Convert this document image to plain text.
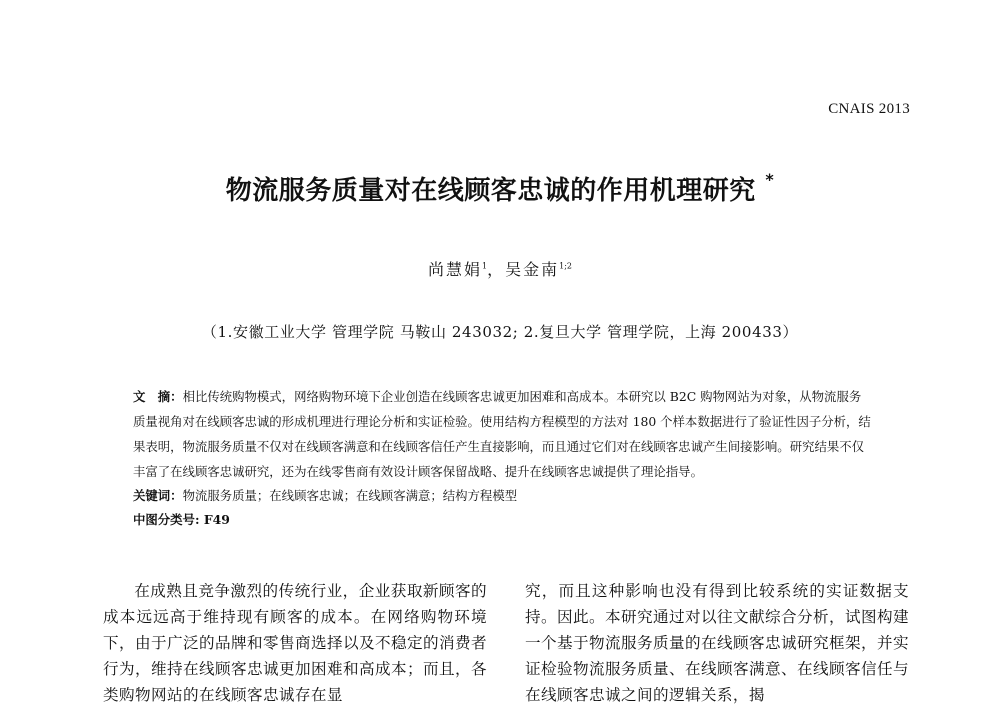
CNAIS 2013
物流服务质量对在线顾客忠诚的作用机理研究 *
尚慧娟$^1$，吴金南$^{1;2}$
（1.安徽工业大学 管理学院 马鞍山 243032; 2.复旦大学 管理学院，上海 200433）

文　摘：相比传统购物模式，网络购物环境下企业创造在线顾客忠诚更加困难和高成本。本研究以 B2C 购物网站为对象，从物流服务质量视角对在线顾客忠诚的形成机理进行理论分析和实证检验。使用结构方程模型的方法对 180 个样本数据进行了验证性因子分析，结果表明，物流服务质量不仅对在线顾客满意和在线顾客信任产生直接影响，而且通过它们对在线顾客忠诚产生间接影响。研究结果不仅丰富了在线顾客忠诚研究，还为在线零售商有效设计顾客保留战略、提升在线顾客忠诚提供了理论指导。

关键词：物流服务质量；在线顾客忠诚；在线顾客满意；结构方程模型

中图分类号: F49

在成熟且竞争激烈的传统行业，企业获取新顾客的成本远远高于维持现有顾客的成本。在网络购物环境下，由于广泛的品牌和零售商选择以及不稳定的消费者行为，维持在线顾客忠诚更加困难和高成本；而且，各类购物网站的在线顾客忠诚存在显

究，而且这种影响也没有得到比较系统的实证数据支持。因此。本研究通过对以往文献综合分析，试图构建一个基于物流服务质量的在线顾客忠诚研究框架，并实证检验物流服务质量、在线顾客满意、在线顾客信任与在线顾客忠诚之间的逻辑关系，揭
